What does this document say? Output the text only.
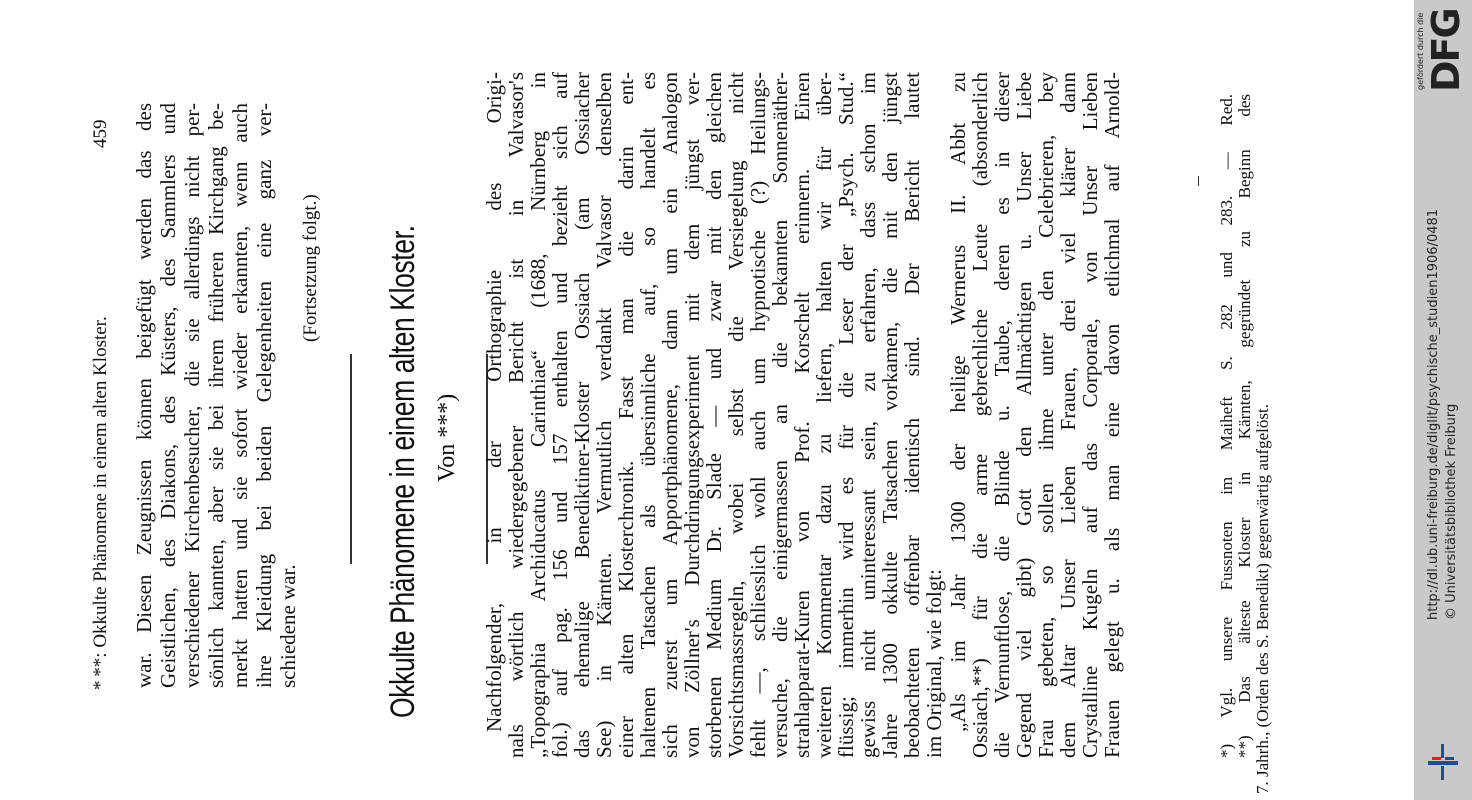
* **: Okkulte Phänomene in einem alten Kloster.
459 war. Diesen Zeugnissen können beigefügt werden das des Geistlichen, des Diakons, des Küsters, des Sammlers und verschiedener Kirchenbesucher, die sie allerdings nicht per- sönlich kannten, aber sie bei ihrem früheren Kirchgang be- merkt hatten und sie sofort wieder erkannten, wenn auch ihre Kleidung bei beiden Gelegenheiten eine ganz ver- schiedene war.
(Fortsetzung folgt.) Okkulte Phänomene in einem alten Kloster. Von ***) Nachfolgender, in der Orthographie des Origi-
nals wörtlich wiedergegebener Bericht ist in Valvasor's
„Topographia Archiducatus Carinthiae“ (1688, Nürnberg in
fol.) auf pag. 156 und 157 enthalten und bezieht sich auf
das ehemalige Benediktiner-Kloster Ossiach (am Ossiacher
See) in Kärnten. Vermutlich verdankt Valvasor denselben
einer alten Klosterchronik. Fasst man die darin ent-
haltenen Tatsachen als übersinnliche auf, so handelt es
sich zuerst um Apportphänomene, dann um ein Analogon
von Zöllner's Durchdringungsexperiment mit dem jüngst ver-
storbenen Medium Dr. Slade — und zwar mit den gleichen
Vorsichtsmassregeln, wobei selbst die Versiegelung nicht
fehlt —, schliesslich wohl auch um hypnotische (?) Heilungs-
versuche, die einigermassen an die bekannten Sonnenäther-
strahlapparat-Kuren von Prof. Korschelt erinnern. Einen
weiteren Kommentar dazu zu liefern, halten wir für über-
flüssig; immerhin wird es für die Leser der „Psych. Stud.“
gewiss nicht uninteressant sein, zu erfahren, dass schon im
Jahre 1300 okkulte Tatsachen vorkamen, die mit den jüngst
beobachteten offenbar identisch sind. Der Bericht lautet
im Original, wie folgt: „Als im Jahr 1300 der heilige Wernerus II. Abbt zu
Ossiach,**) für die arme gebrechliche Leute (absonderlich
die Vernunftlose, die Blinde u. Taube, deren es in dieser
Gegend viel gibt) Gott den Allmächtigen u. Unser Liebe
Frau gebeten, so sollen ihme unter den Celebrieren, bey
dem Altar Unser Lieben Frauen, drei viel klärer dann
Crystalline Kugeln auf das Corporale, von Unser Lieben
Frauen gelegt u. als man eine davon etlichmal auf Arnold-	*) Vgl. unsere Fussnoten im Maiheft S. 282 und 283. — Red. **) Das älteste Kloster in Kärnten, gegründet zu Beginn des 7. Jahrh., (Orden des S. Benedikt) gegenwärtig aufgelöst.	http://dl.ub.uni-freiburg.de/diglit/psychische_studien1906/0481 © Universitätsbibliothek Freiburg
gefördert durch die DFG
